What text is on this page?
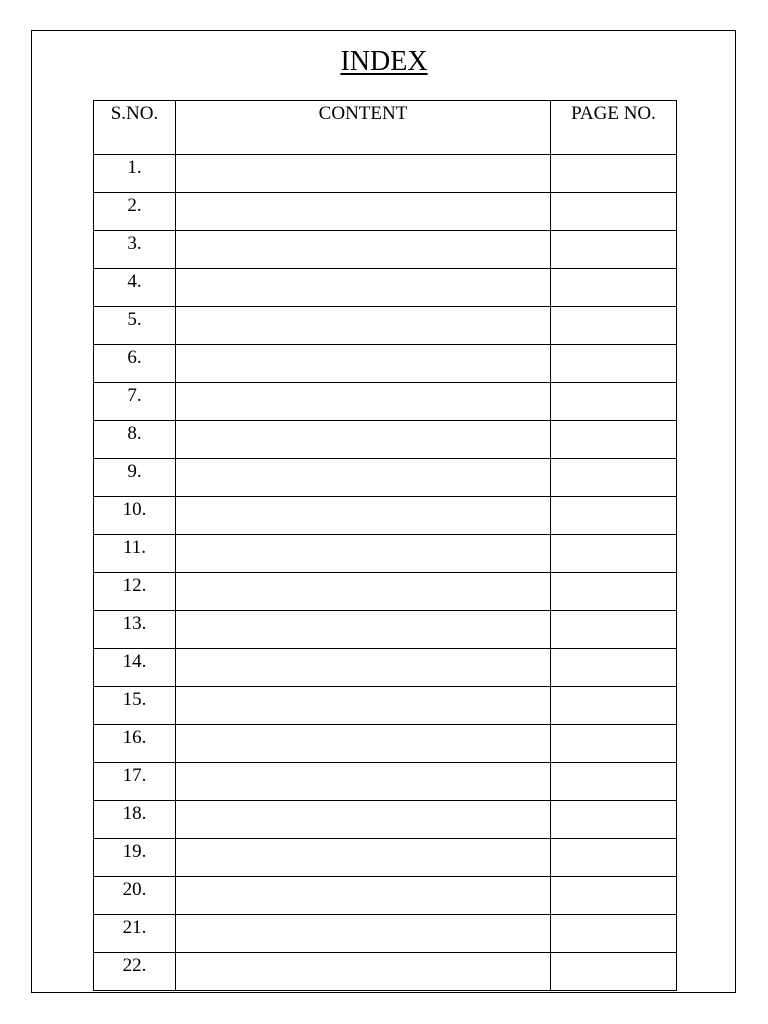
INDEX
S.NO.	CONTENT	PAGE NO.
1.		
2.		
3.		
4.		
5.		
6.		
7.		
8.		
9.		
10.		
11.		
12.		
13.		
14.		
15.		
16.		
17.		
18.		
19.		
20.		
21.		
22.		
